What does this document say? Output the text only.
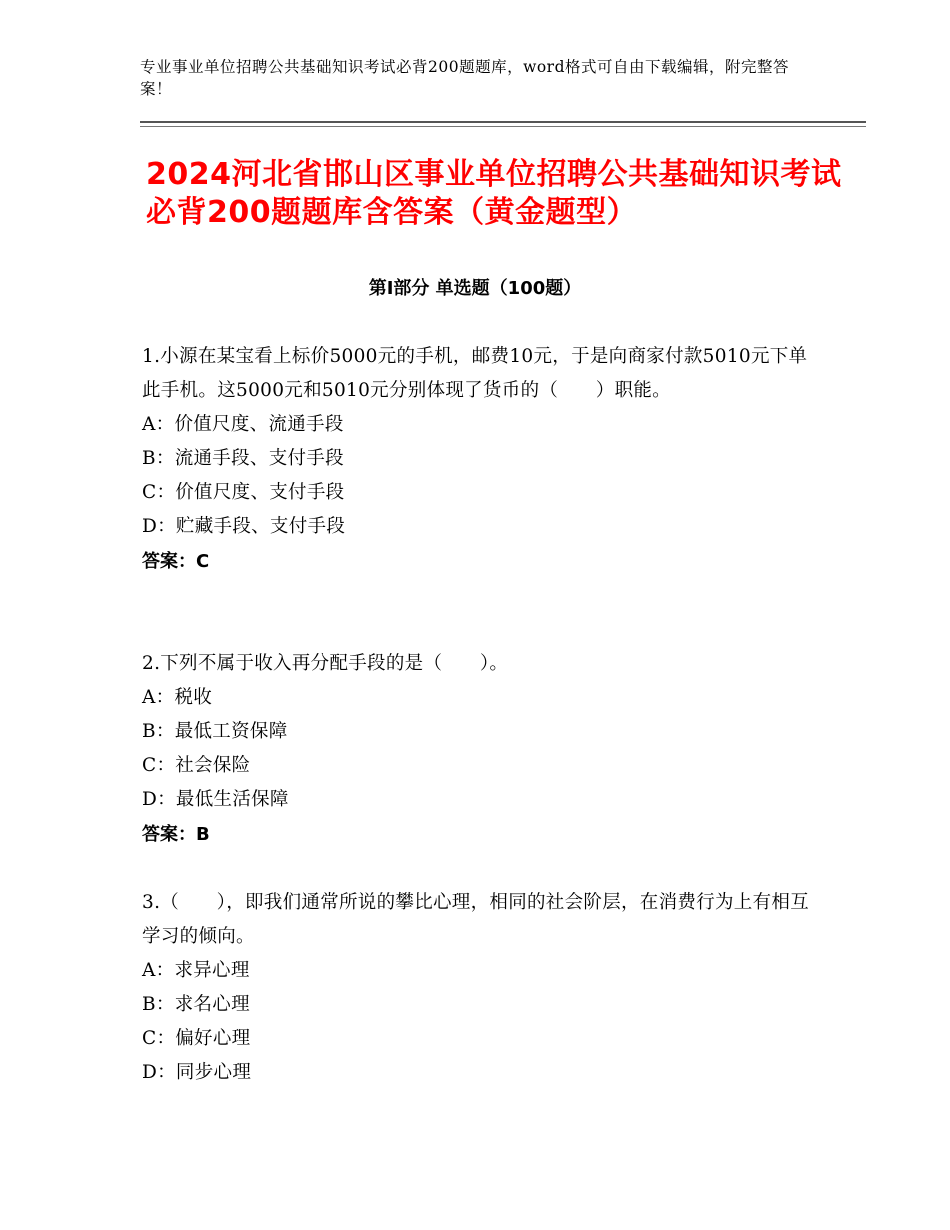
专业事业单位招聘公共基础知识考试必背200题题库，word格式可自由下载编辑，附完整答案！
2024河北省邯山区事业单位招聘公共基础知识考试必背200题题库含答案（黄金题型）
第Ⅰ部分 单选题（100题）

1.小源在某宝看上标价5000元的手机，邮费10元，于是向商家付款5010元下单此手机。这5000元和5010元分别体现了货币的（　　）职能。

A：价值尺度、流通手段

B：流通手段、支付手段

C：价值尺度、支付手段

D：贮藏手段、支付手段

答案：C

2.下列不属于收入再分配手段的是（　　）。

A：税收

B：最低工资保障

C：社会保险

D：最低生活保障

答案：B

3.（　　），即我们通常所说的攀比心理，相同的社会阶层，在消费行为上有相互学习的倾向。

A：求异心理

B：求名心理

C：偏好心理

D：同步心理
